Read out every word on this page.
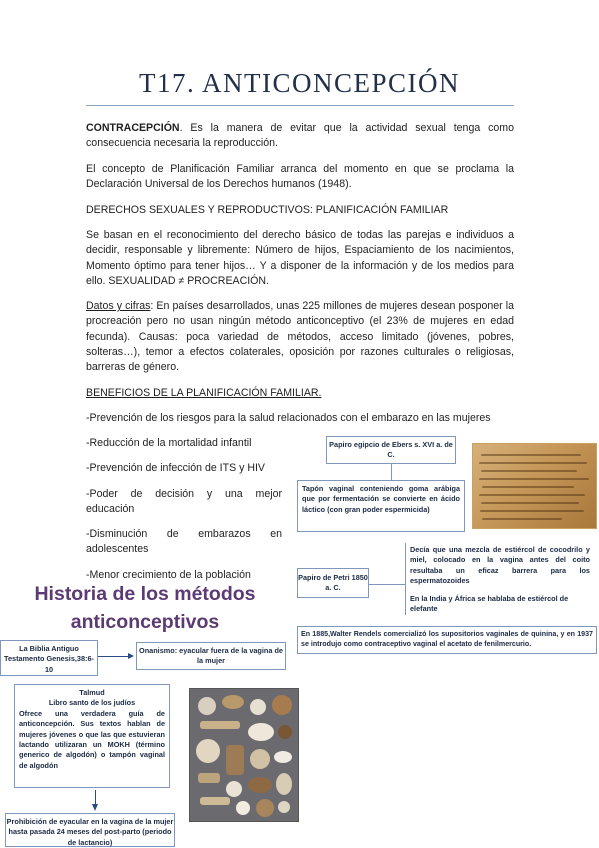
T17. ANTICONCEPCIÓN

CONTRACEPCIÓN. Es la manera de evitar que la actividad sexual tenga como consecuencia necesaria la reproducción.

El concepto de Planificación Familiar arranca del momento en que se proclama la Declaración Universal de los Derechos humanos (1948).

DERECHOS SEXUALES Y REPRODUCTIVOS: PLANIFICACIÓN FAMILIAR

Se basan en el reconocimiento del derecho básico de todas las parejas e individuos a decidir, responsable y libremente: Número de hijos, Espaciamiento de los nacimientos, Momento óptimo para tener hijos… Y a disponer de la información y de los medios para ello. SEXUALIDAD ≠ PROCREACIÓN.

Datos y cifras: En países desarrollados, unas 225 millones de mujeres desean posponer la procreación pero no usan ningún método anticonceptivo (el 23% de mujeres en edad fecunda). Causas: poca variedad de métodos, acceso limitado (jóvenes, pobres, solteras…), temor a efectos colaterales, oposición por razones culturales o religiosas, barreras de género.

BENEFICIOS DE LA PLANIFICACIÓN FAMILIAR.

-Prevención de los riesgos para la salud relacionados con el embarazo en las mujeres

-Reducción de la mortalidad infantil

-Prevención de infección de ITS y HIV

-Poder de decisión y una mejor educación

-Disminución de embarazos en adolescentes

-Menor crecimiento de la población

Historia de los métodos anticonceptivos
Papiro egipcio de Ebers s. XVI a. de C.
Tapón vaginal conteniendo goma arábiga que por fermentación se convierte en ácido láctico (con gran poder espermicida)
Papiro de Petri 1850 a. C.
Decía que una mezcla de estiércol de cocodrilo y miel, colocado en la vagina antes del coito resultaba un eficaz barrera para los espermatozoides
En la India y África se hablaba de estiércol de elefante
En 1885,Walter Rendels comercializó los supositorios vaginales de quinina, y en 1937 se introdujo como contraceptivo vaginal el acetato de fenilmercurio.
La Biblia Antiguo Testamento Genesis,38:6-10
Onanismo: eyacular fuera de la vagina de la mujer
Talmud
Libro santo de los judíos
Ofrece una verdadera guía de anticoncepción. Sus textos hablan de mujeres jóvenes o que las que estuvieran lactando utilizaran un MOKH (término generico de algodón) o tampón vaginal de algodón
Prohibición de eyacular en la vagina de la mujer hasta pasada 24 meses del post-parto (periodo de lactancio)
